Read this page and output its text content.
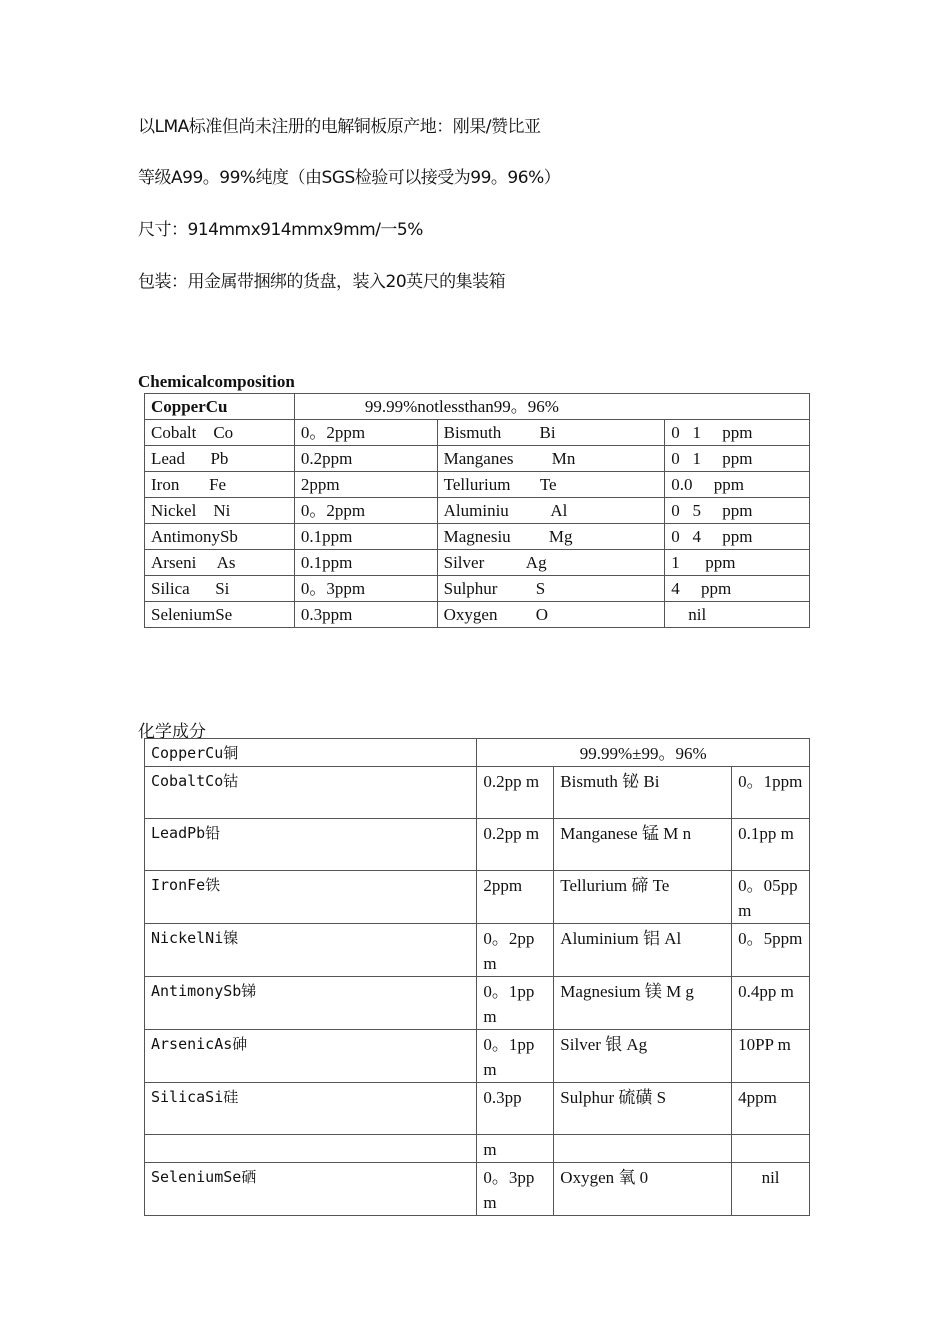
以LMA标准但尚未注册的电解铜板原产地：刚果/赞比亚
等级A99。99%纯度（由SGS检验可以接受为99。96%）
尺寸：914mmx914mmx9mm/一5%
包装：用金属带捆绑的货盘，装入20英尺的集装箱
Chemicalcomposition
CopperCu	99.99%notlessthan99。96%		
Cobalt    Co	0。2ppm	Bismuth         Bi	0   1     ppm
Lead      Pb	0.2ppm	Manganes         Mn	0   1     ppm
Iron       Fe	2ppm	Tellurium       Te	0.0     ppm
Nickel    Ni	0。2ppm	Aluminiu          Al	0   5     ppm
AntimonySb	0.1ppm	Magnesiu         Mg	0   4     ppm
Arseni     As	0.1ppm	Silver          Ag	1      ppm
Silica      Si	0。3ppm	Sulphur         S	4     ppm
SeleniumSe	0.3ppm	Oxygen         O	nil
化学成分
CopperCu铜	99.99%±99。96%		
CobaltCo钴	0.2pp m	Bismuth 铋 Bi	0。1ppm
LeadPb铅	0.2pp m	Manganese 锰 M n	0.1pp m
IronFe铁	2ppm	Tellurium 碲 Te	0。05ppm
NickelNi镍	0。2ppm	Aluminium 铝 Al	0。5ppm
AntimonySb锑	0。1ppm	Magnesium 镁 M g	0.4pp m
ArsenicAs砷	0。1ppm	Silver 银 Ag	10PP m
SilicaSi硅	0.3pp	Sulphur 硫磺 S	4ppm
	m		
SeleniumSe硒	0。3ppm	Oxygen 氧 0	nil
